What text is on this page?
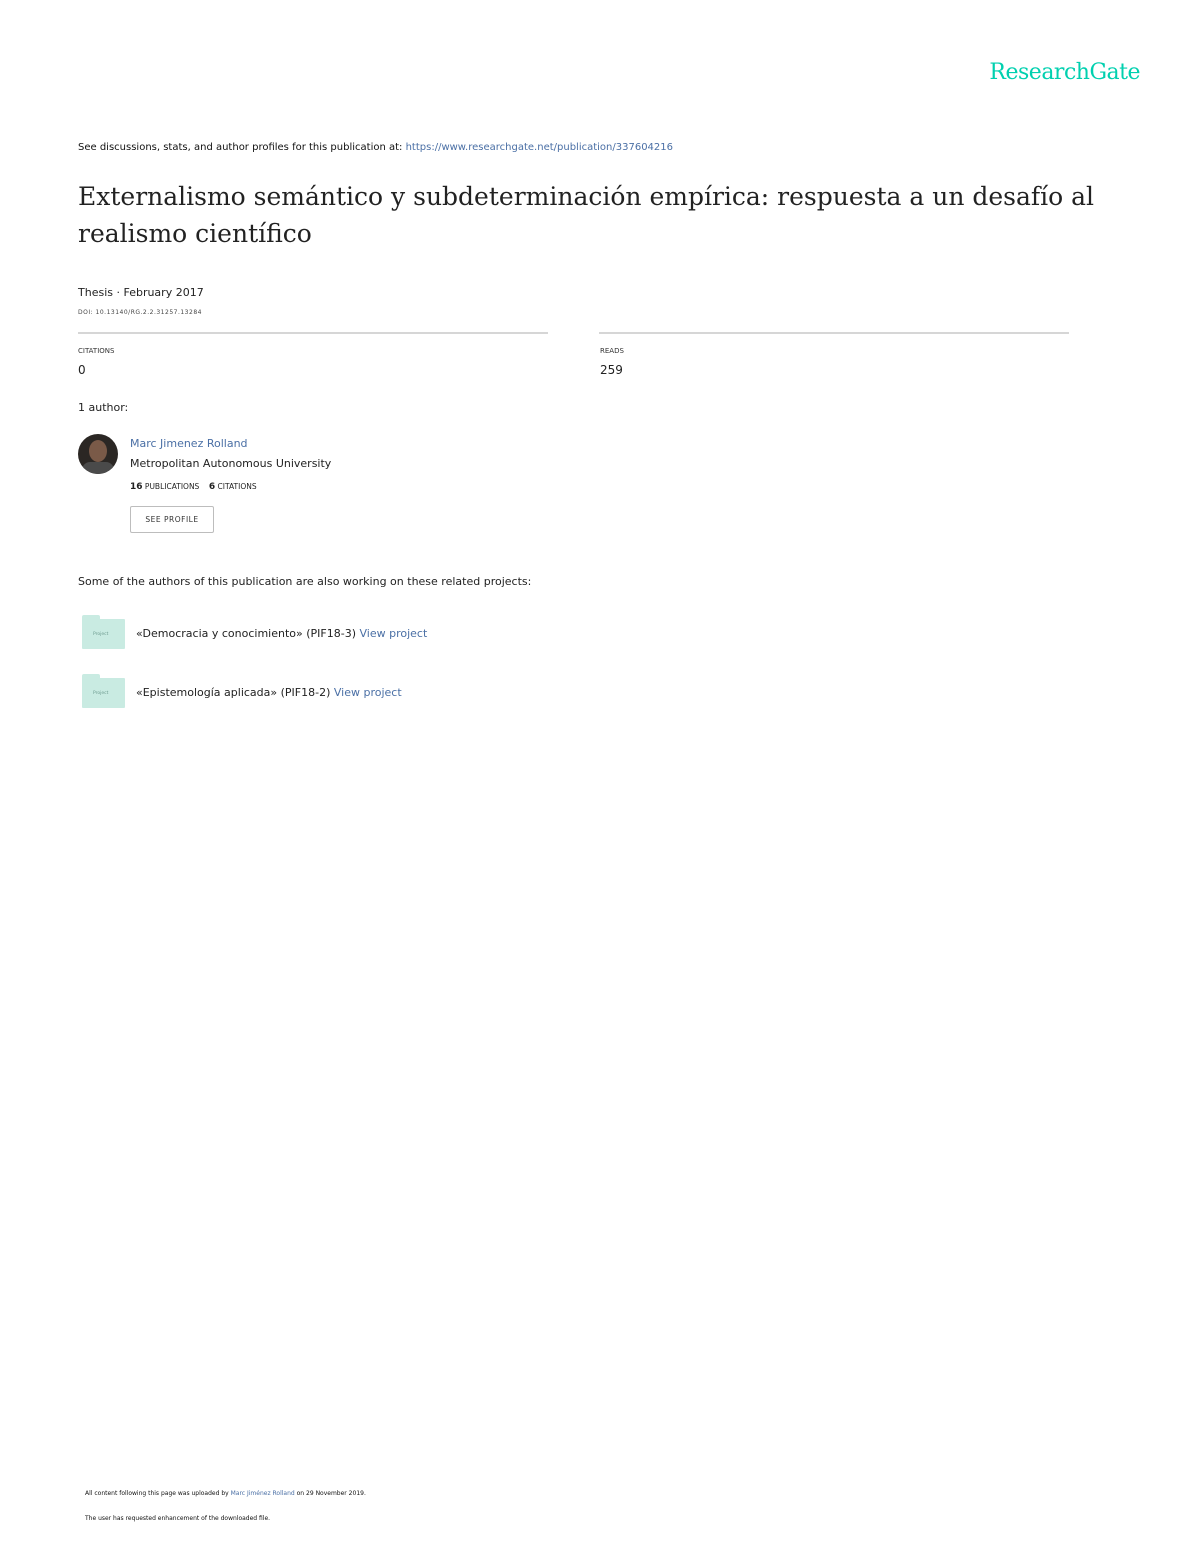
ResearchGate
See discussions, stats, and author profiles for this publication at: https://www.researchgate.net/publication/337604216
Externalismo semántico y subdeterminación empírica: respuesta a un desafío al realismo científico
Thesis · February 2017
DOI: 10.13140/RG.2.2.31257.13284
CITATIONS
0
READS
259
1 author:
Marc Jimenez Rolland
Metropolitan Autonomous University
16 PUBLICATIONS 6 CITATIONS
SEE PROFILE
Some of the authors of this publication are also working on these related projects:
Project	«Democracia y conocimiento» (PIF18-3) View project
Project	«Epistemología aplicada» (PIF18-2) View project
All content following this page was uploaded by Marc Jiménez Rolland on 29 November 2019.
The user has requested enhancement of the downloaded file.
